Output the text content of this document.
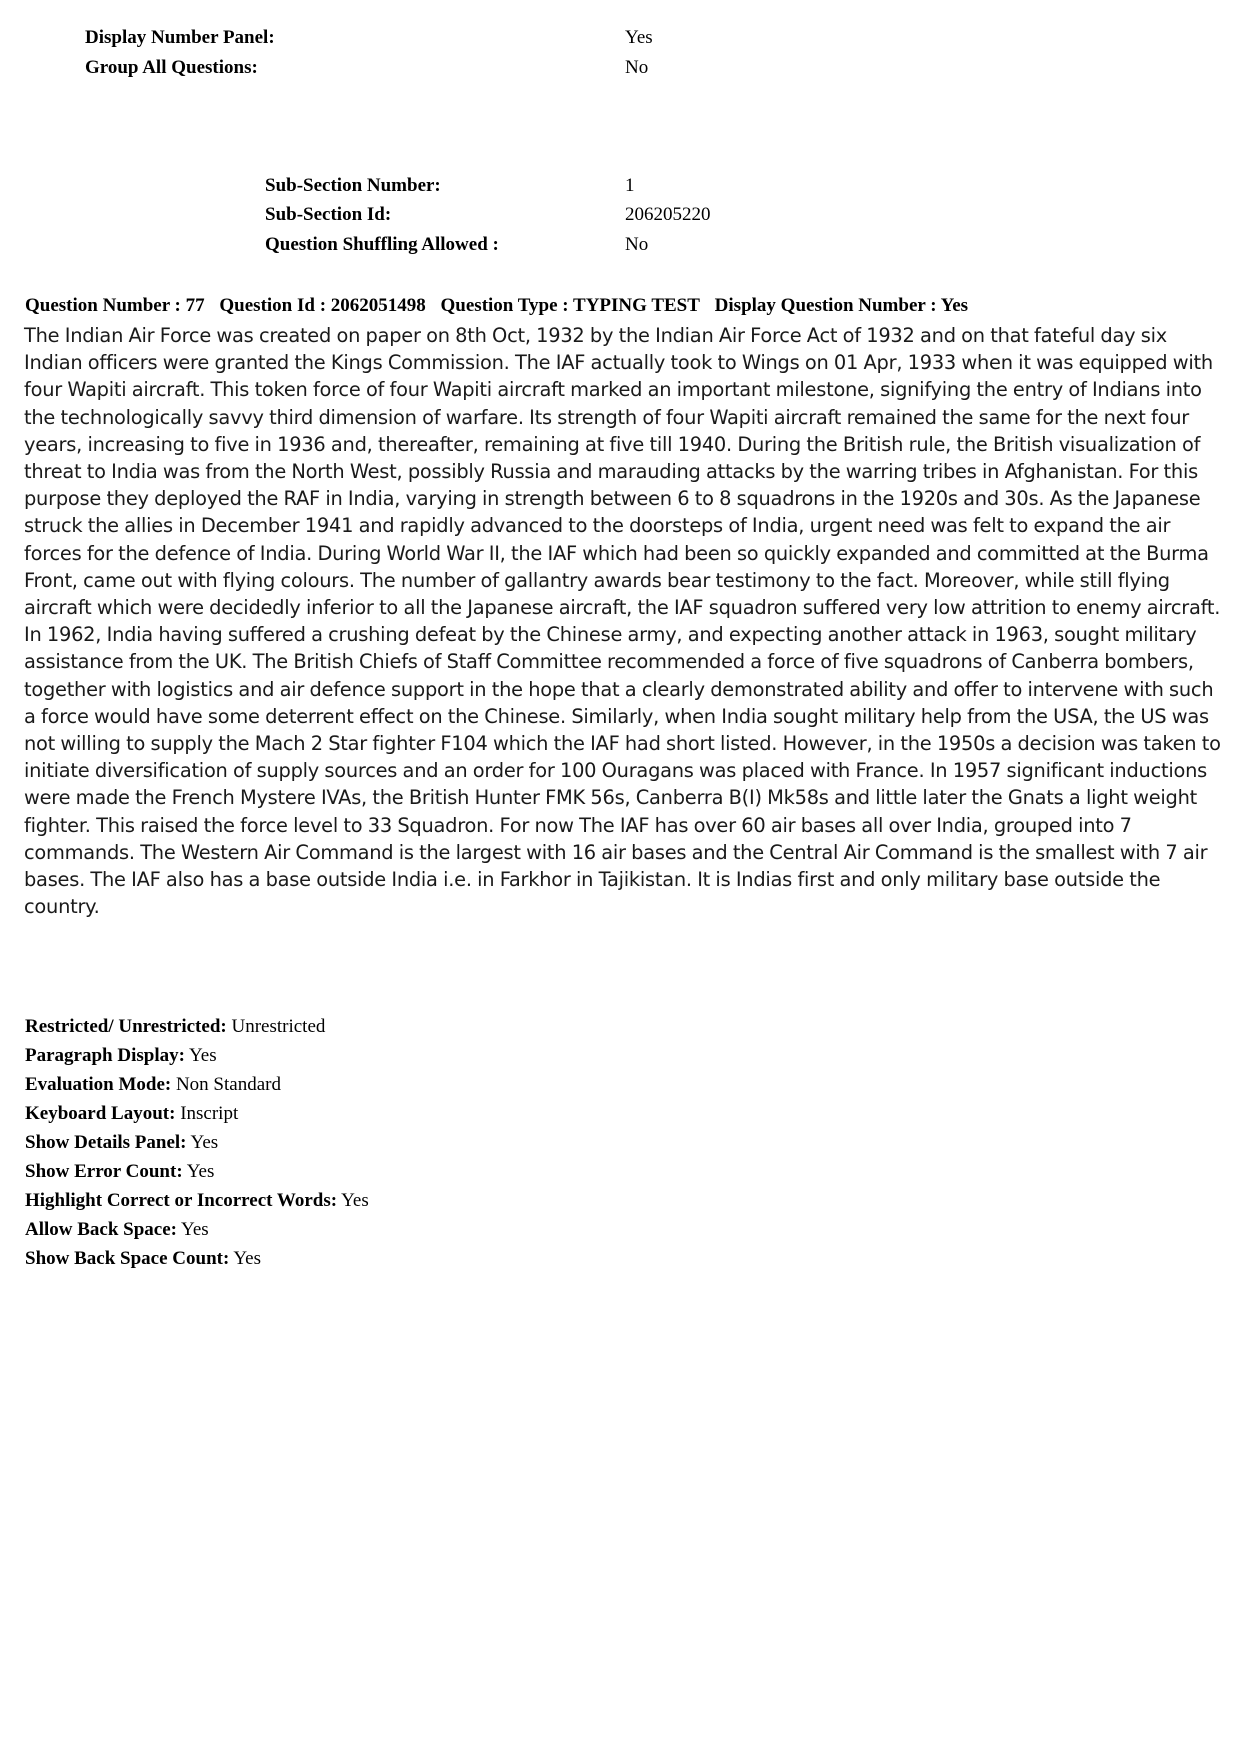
Display Number Panel:	Yes
Group All Questions:	No
Sub-Section Number:	1
Sub-Section Id:	206205220
Question Shuffling Allowed :	No
Question Number : 77 Question Id : 2062051498 Question Type : TYPING TEST Display Question Number : Yes
The Indian Air Force was created on paper on 8th Oct, 1932 by the Indian Air Force Act of 1932 and on that fateful day six Indian officers were granted the Kings Commission. The IAF actually took to Wings on 01 Apr, 1933 when it was equipped with four Wapiti aircraft. This token force of four Wapiti aircraft marked an important milestone, signifying the entry of Indians into the technologically savvy third dimension of warfare. Its strength of four Wapiti aircraft remained the same for the next four years, increasing to five in 1936 and, thereafter, remaining at five till 1940. During the British rule, the British visualization of threat to India was from the North West, possibly Russia and marauding attacks by the warring tribes in Afghanistan. For this purpose they deployed the RAF in India, varying in strength between 6 to 8 squadrons in the 1920s and 30s. As the Japanese struck the allies in December 1941 and rapidly advanced to the doorsteps of India, urgent need was felt to expand the air forces for the defence of India. During World War II, the IAF which had been so quickly expanded and committed at the Burma Front, came out with flying colours. The number of gallantry awards bear testimony to the fact. Moreover, while still flying aircraft which were decidedly inferior to all the Japanese aircraft, the IAF squadron suffered very low attrition to enemy aircraft. In 1962, India having suffered a crushing defeat by the Chinese army, and expecting another attack in 1963, sought military assistance from the UK. The British Chiefs of Staff Committee recommended a force of five squadrons of Canberra bombers, together with logistics and air defence support in the hope that a clearly demonstrated ability and offer to intervene with such a force would have some deterrent effect on the Chinese. Similarly, when India sought military help from the USA, the US was not willing to supply the Mach 2 Star fighter F104 which the IAF had short listed. However, in the 1950s a decision was taken to initiate diversification of supply sources and an order for 100 Ouragans was placed with France. In 1957 significant inductions were made the French Mystere IVAs, the British Hunter FMK 56s, Canberra B(I) Mk58s and little later the Gnats a light weight fighter. This raised the force level to 33 Squadron. For now The IAF has over 60 air bases all over India, grouped into 7 commands. The Western Air Command is the largest with 16 air bases and the Central Air Command is the smallest with 7 air bases. The IAF also has a base outside India i.e. in Farkhor in Tajikistan. It is Indias first and only military base outside the country.
Restricted/ Unrestricted: Unrestricted
Paragraph Display: Yes
Evaluation Mode: Non Standard
Keyboard Layout: Inscript
Show Details Panel: Yes
Show Error Count: Yes
Highlight Correct or Incorrect Words: Yes
Allow Back Space: Yes
Show Back Space Count: Yes
